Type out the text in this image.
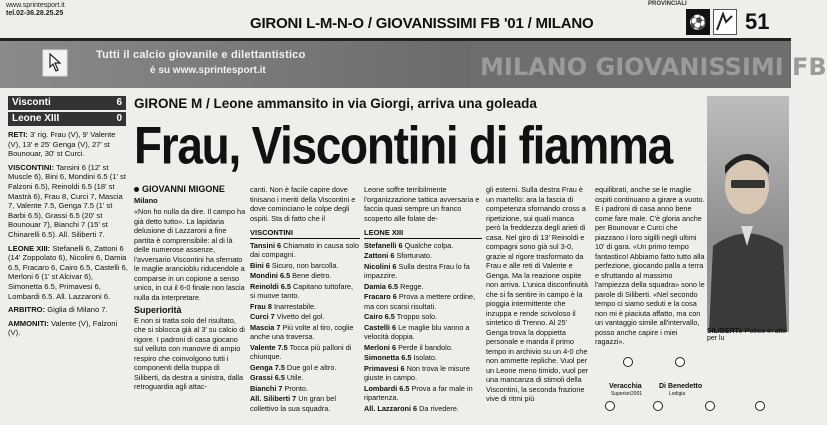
www.sprintesport.it
tel.02-36.28.25.25
PROVINCIALI
GIRONI L-M-N-O / GIOVANISSIMI FB '01 / MILANO	⚽ 51
Tutti il calcio giovanile e dilettantistico
è su www.sprintesport.it	MILANO GIOVANISSIMI FB
Visconti	6
Leone XIII	0
RETI: 3' rig. Frau (V), 9' Valente (V), 13' e 25' Genga (V), 27' st Bounouar, 30' st Curci.
VISCONTINI: Tansini 6 (12' st Muscle 6), Bini 6, Mondini 6.5 (1' st Falzoni 6.5), Reinoldi 6.5 (18' st Mastrà 6), Frau 8, Curci 7, Mascia 7, Valente 7.5, Genga 7.5 (1' st Barbi 6.5), Grassi 6.5 (20' st Bounouar 7), Bianchi 7 (15' st Chinarelli 6.5). All. Siliberti 7.
LEONE XIII: Stefanelli 6, Zattoni 6 (14' Zoppolato 6), Nicolini 6, Damia 6.5, Fracaro 6, Cairo 6.5, Castelli 6, Merloni 6 (1' st Alcivar 6), Simonetta 6.5, Primavesi 6, Lombardi 6.5. All. Lazzaroni 6.
ARBITRO: Giglia di Milano 7.
AMMONITI: Valente (V), Falzoni (V).
GIRONE M / Leone ammansito in via Giorgi, arriva una goleada
Frau, Viscontini di fiamma
GIOVANNI MIGONE
Milano

«Non ho nulla da dire. Il campo ha già detto tutto». La lapidaria delusione di Lazzaroni a fine partita è comprensibile: al di là delle numerose assenze, l'avversario Viscontini ha sfernato le maglie arancioblu riducendole a comparse in un copione a senso unico, in cui il 6-0 finale non lascia nulla da interpretare.

Superiorità

E non si tratta solo del risultato, che si sblocca già al 3' su calcio di rigore. I padroni di casa giocano sul velluto con manovre di ampio respiro che coinvolgono tutti i componenti della truppa di Siliberti, da destra a sinistra, dalla retroguardia agli attac-

canti. Non è facile capire dove tinisano i meriti della Viscontini e dove cominciano le colpe degli ospiti. Sta di fatto che il

VISCONTINI
Tansini 6 Chiamato in causa solo dai compagni.
Bini 6 Sicuro, non barcolla.
Mondini 6.5 Bene dietro.
Reinoldi 6.5 Capitano tuttofare, si muove tanto.
Frau 8 Inarrestabile.
Curci 7 Vivetto del gol.
Mascia 7 Più volte al tiro, coglie anche una traversa.
Valente 7.5 Tocca più palloni di chiunque.
Genga 7.5 Due gol e altro.
Grassi 6.5 Utile.
Bianchi 7 Pronto.
All. Siliberti 7 Un gran bel collettivo la sua squadra.

Leone soffre terribilmente l'organizzazione tattica avversaria e faccia quasi sempre un franco scoperto alle folate de-

LEONE XIII
Stefanelli 6 Qualche colpa.
Zattoni 6 Sfortunato.
Nicolini 6 Sulla destra Frau lo fa impazzire.
Damia 6.5 Regge.
Fracaro 6 Prova a mettere ordine, ma con scarsi risultati.
Cairo 6.5 Troppo solo.
Castelli 6 Le maglie blu vanno a velocità doppia.
Merloni 6 Perde il bandolo.
Simonetta 6.5 Isolato.
Primavesi 6 Non trova le misure giuste in campo.
Lombardi 6.5 Prova a far male in ripartenza.
All. Lazzaroni 6 Da rivedere.

gli esterni. Sulla destra Frau è un martello: ara la fascia di competenza sfornando cross a ripetizione, sui quali manca però la freddezza degli arieti di casa. Nel giro di 13' Reinoldi e compagni sono già sul 3-0, grazie al rigore trasformato da Frau e alle reti di Valente e Genga. Ma la reazione ospite non arriva. L'unica disconfinuità che si fa sentire in campo è la pioggia intermittente che inzuppa e rende scivoloso il sintetico di Trenno. Al 25' Genga trova la doppietta personale e manda il primo tempo in archivio su un 4-0 che non ammette repliche. Vuol per un Leone meno timido, vuol per una mancanza di stimoli della Viscontini, la seconda frazione vive di ritmi più

equilibrati, anche se le maglie ospiti continuano a girare a vuoto. E i padroni di casa anno bene come fare male. C'è gloria anche per Bounovar e Curci che piazzano i loro sigilli negli ultimi 10' di gara. «Un primo tempo fantastico! Abbiamo fatto tutto alla perfezione, giocando palla a terra e sfruttando al massimo l'ampiezza della squadra» sono le parole di Siliberti. «Nel secondo tempo ci siamo seduti e la cosa non mi è piaciuta affatto, ma con un vantaggio simile all'intervallo, posso anche capire i miei ragazzi».

SILIBERTI/ Pollice in alto per lu
Veracchia
Superiori2001
Di Benedetto
Lodigia
